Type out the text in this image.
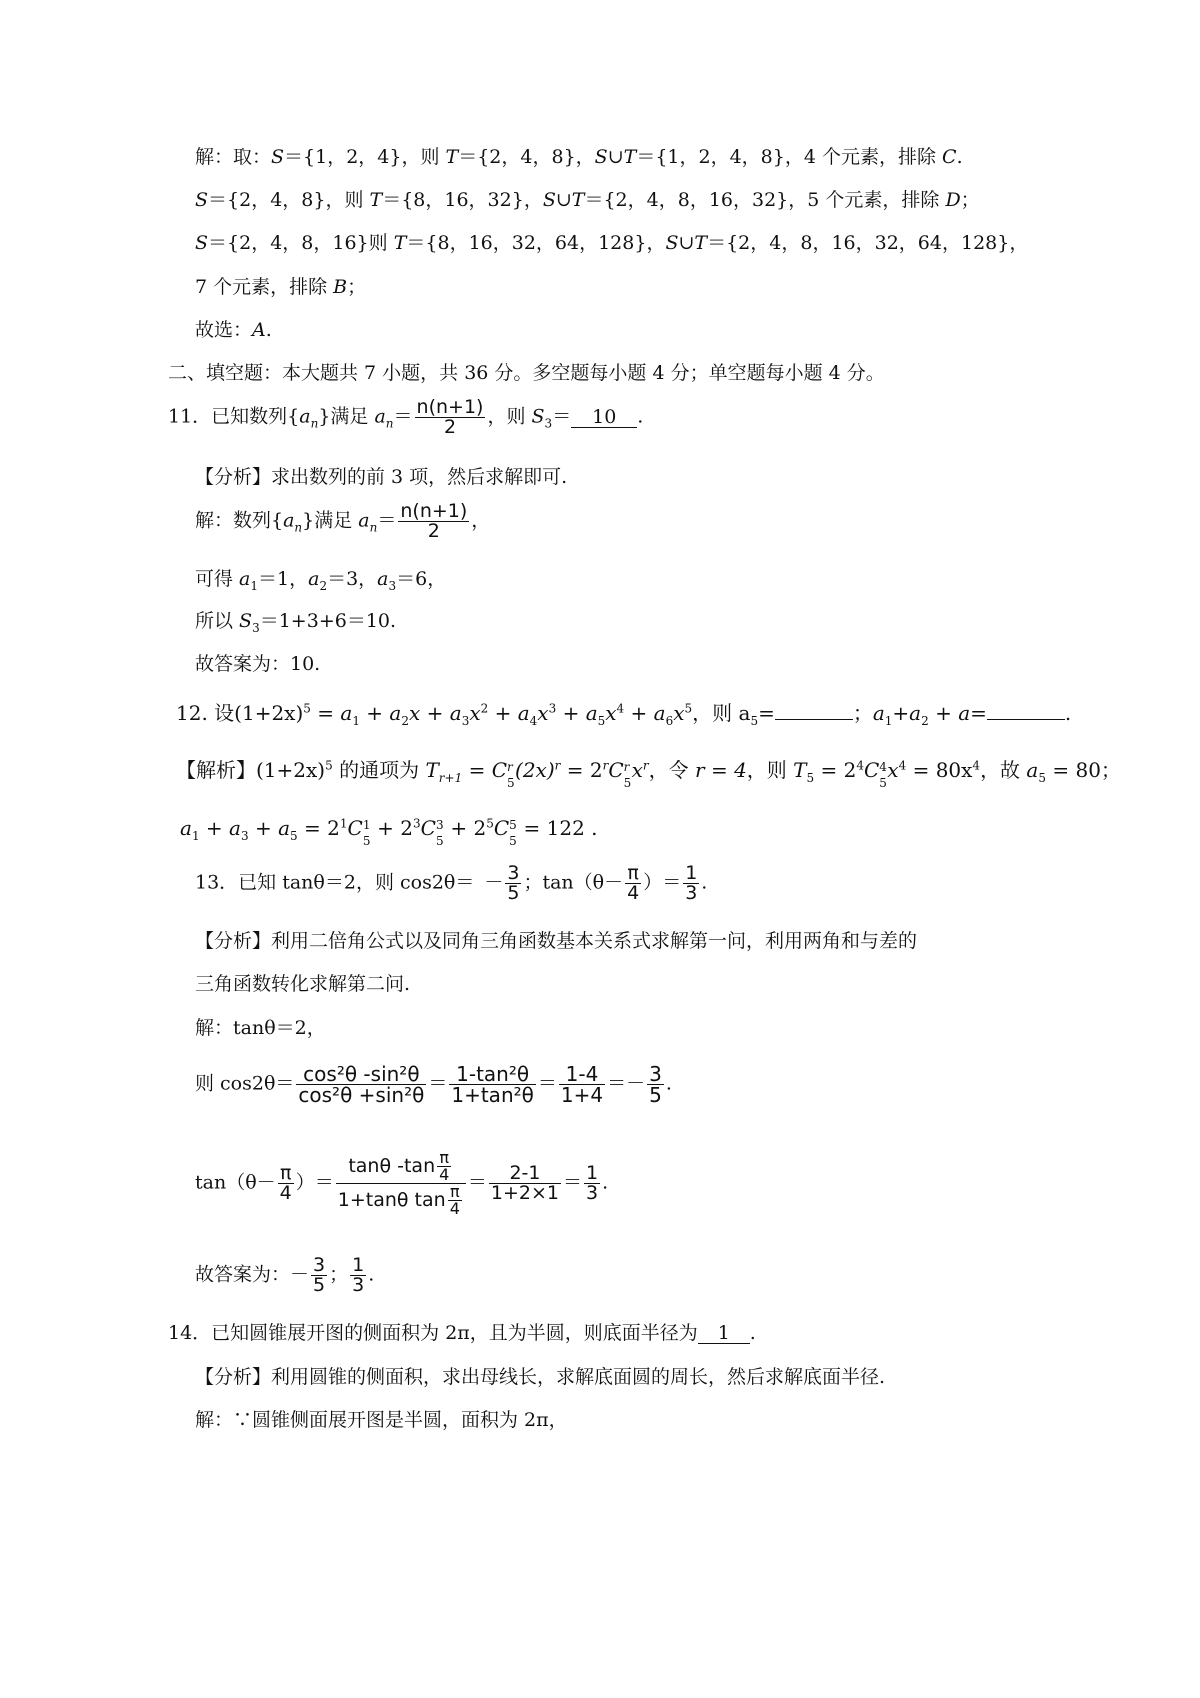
解：取：S＝{1，2，4}，则 T＝{2，4，8}，S∪T＝{1，2，4，8}，4 个元素，排除 C.
S＝{2，4，8}，则 T＝{8，16，32}，S∪T＝{2，4，8，16，32}，5 个元素，排除 D；
S＝{2，4，8，16}则 T＝{8，16，32，64，128}，S∪T＝{2，4，8，16，32，64，128}，
7 个元素，排除 B；
故选：A.
二、填空题：本大题共 7 小题，共 36 分。多空题每小题 4 分；单空题每小题 4 分。
11．已知数列$\{a_n\}$满足 $a_n= \frac{n(n+1)}{2}$ ，则 $S_3= 10$ .
【分析】求出数列的前 3 项，然后求解即可.
解：数列$\{a_n\}$满足 $a_n= \frac{n(n+1)}{2}$ ，
可得 $a_1=1$，$a_2=3$，$a_3=6$，
所以 $S_3=1+3+6=10$.
故答案为：10.
12. 设$(1+2x)^5 = a_1 + a_2x + a_3x^2 + a_4x^3 + a_5x^4 + a_6x^5$，则 $a_5=$	；$a_1+a_2 + a=$	.
【解析】$(1+2x)^5$ 的通项为 $T_{r+1} = C$ r
5
$(2x)^r = 2^rC$ r
5
$x^r$，令 r = 4，则 $T_5 = 2^4C$ 4
5
$x^4 = 80x^4$，故 $a_5 = 80$；
$a_1 + a_3 + a_5 = 2^1C$ 1
5
+ $2^3C$ 3
5
+ $2^5C$ 5
5
= 122 .
13．已知 tanθ＝2，则 $\cos 2\theta= - \frac{3}{5}$ ；$\tan(\theta- \frac{\pi}{4}$ ）＝ $\frac{1}{3}$ .
【分析】利用二倍角公式以及同角三角函数基本关系式求解第一问，利用两角和与差的
三角函数转化求解第二问.
解：tanθ＝2，
则 $\cos 2\theta= \frac{\text{cos²θ -sin²θ}}{\text{cos²θ +sin²θ}} = \frac{\text{1-tan²θ}}{\text{1+tan²θ}} = \frac{1-4}{1+4} =- \frac{3}{5}$ .
$\tan(\theta- \frac{\pi}{4}$ ）＝ $\frac{\tan\theta -\tan \frac{\pi}{4}}{1+\tan\theta \tan \frac{\pi}{4}} = \frac{2-1}{1+2\times 1} = \frac{1}{3}$ .
故答案为：－ $\frac{3}{5}$ ； $\frac{1}{3}$ .
14．已知圆锥展开图的侧面积为 2π，且为半圆，则底面半径为 1 .
【分析】利用圆锥的侧面积，求出母线长，求解底面圆的周长，然后求解底面半径.
解：∵圆锥侧面展开图是半圆，面积为 2π，
